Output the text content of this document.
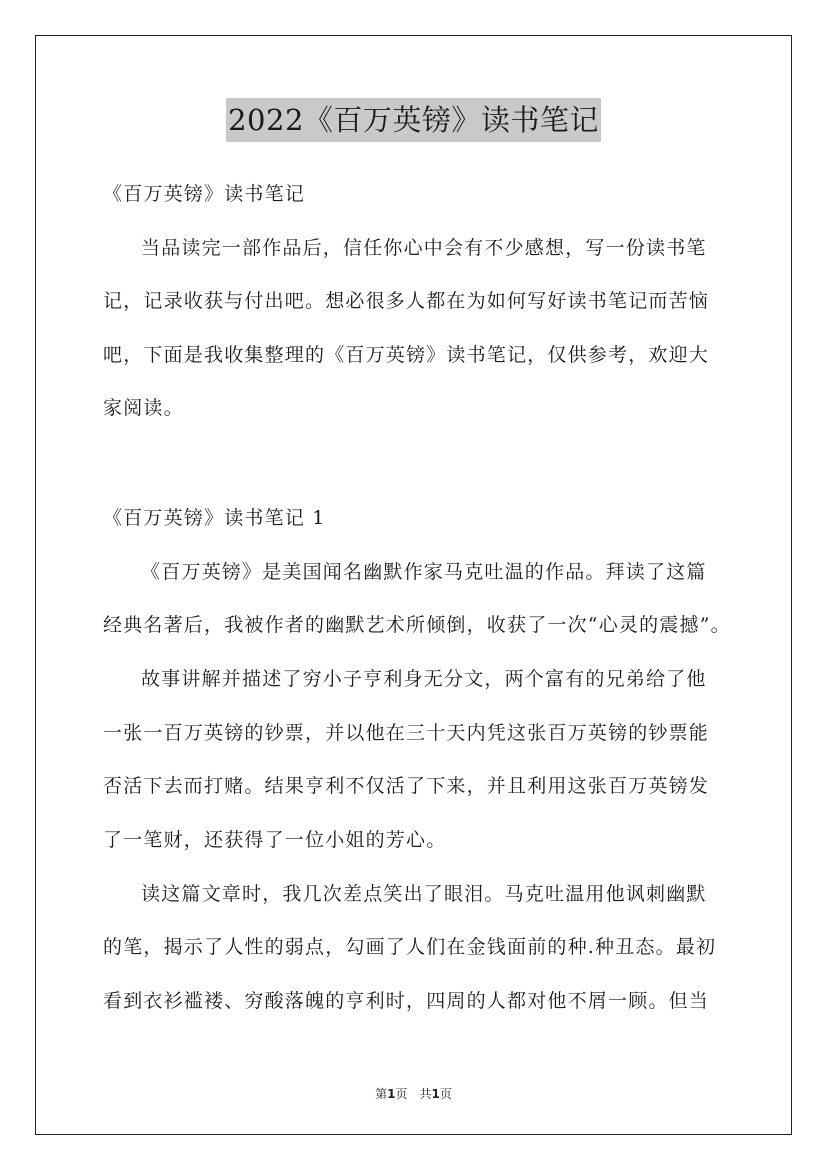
2022《百万英镑》读书笔记
《百万英镑》读书笔记
当品读完一部作品后，信任你心中会有不少感想，写一份读书笔
记，记录收获与付出吧。想必很多人都在为如何写好读书笔记而苦恼
吧，下面是我收集整理的《百万英镑》读书笔记，仅供参考，欢迎大
家阅读。
《百万英镑》读书笔记 1
《百万英镑》是美国闻名幽默作家马克吐温的作品。拜读了这篇
经典名著后，我被作者的幽默艺术所倾倒，收获了一次“心灵的震撼”。
故事讲解并描述了穷小子亨利身无分文，两个富有的兄弟给了他
一张一百万英镑的钞票，并以他在三十天内凭这张百万英镑的钞票能
否活下去而打赌。结果亨利不仅活了下来，并且利用这张百万英镑发
了一笔财，还获得了一位小姐的芳心。
读这篇文章时，我几次差点笑出了眼泪。马克吐温用他讽刺幽默
的笔，揭示了人性的弱点，勾画了人们在金钱面前的种.种丑态。最初
看到衣衫褴褛、穷酸落魄的亨利时，四周的人都对他不屑一顾。但当
第1页　共1页
